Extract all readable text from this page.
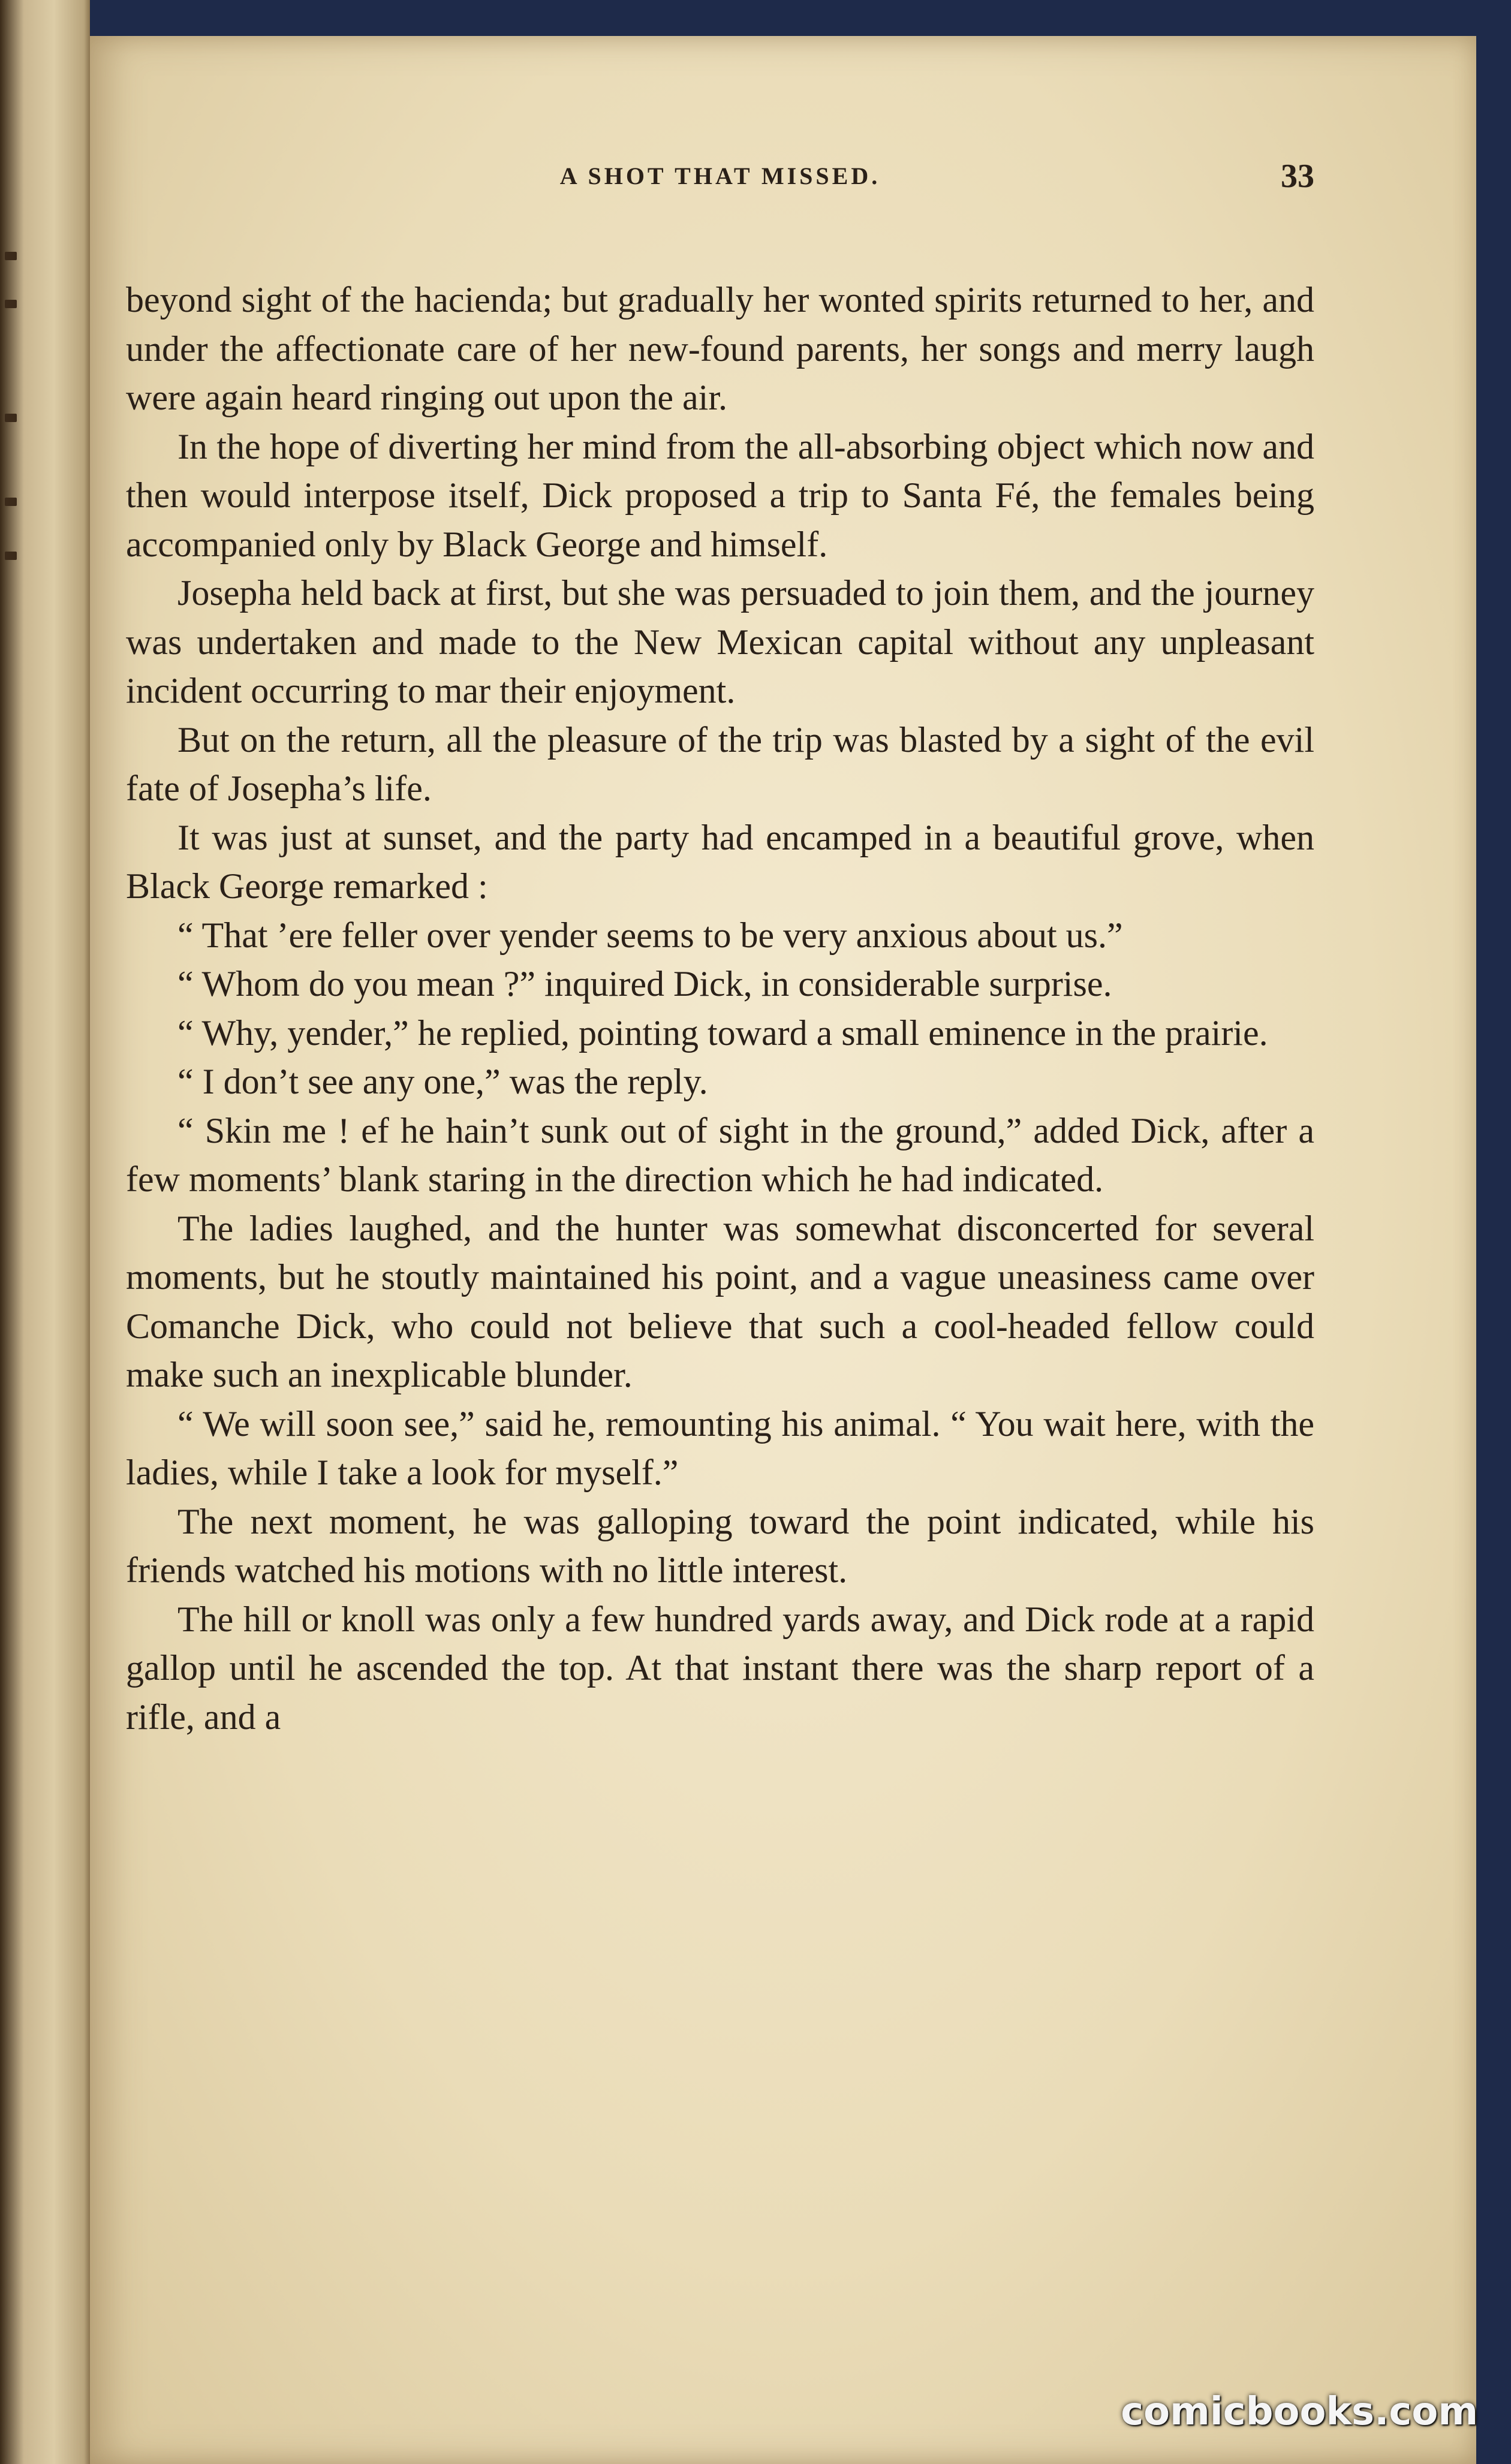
A SHOT THAT MISSED.	33

beyond sight of the hacienda; but gradually her wonted spirits returned to her, and under the affectionate care of her new-found parents, her songs and merry laugh were again heard ringing out upon the air.

In the hope of diverting her mind from the all-absorbing object which now and then would interpose itself, Dick proposed a trip to Santa Fé, the females being accompanied only by Black George and himself.

Josepha held back at first, but she was persuaded to join them, and the journey was undertaken and made to the New Mexican capital without any unpleasant incident occurring to mar their enjoyment.

But on the return, all the pleasure of the trip was blasted by a sight of the evil fate of Josepha’s life.

It was just at sunset, and the party had encamped in a beautiful grove, when Black George remarked :

“ That ’ere feller over yender seems to be very anxious about us.”

“ Whom do you mean ?” inquired Dick, in considerable surprise.

“ Why, yender,” he replied, pointing toward a small eminence in the prairie.

“ I don’t see any one,” was the reply.

“ Skin me ! ef he hain’t sunk out of sight in the ground,” added Dick, after a few moments’ blank staring in the direction which he had indicated.

The ladies laughed, and the hunter was somewhat disconcerted for several moments, but he stoutly maintained his point, and a vague uneasiness came over Comanche Dick, who could not believe that such a cool-headed fellow could make such an inexplicable blunder.

“ We will soon see,” said he, remounting his animal. “ You wait here, with the ladies, while I take a look for myself.”

The next moment, he was galloping toward the point indicated, while his friends watched his motions with no little interest.

The hill or knoll was only a few hundred yards away, and Dick rode at a rapid gallop until he ascended the top. At that instant there was the sharp report of a rifle, and a

comicbooks.com
